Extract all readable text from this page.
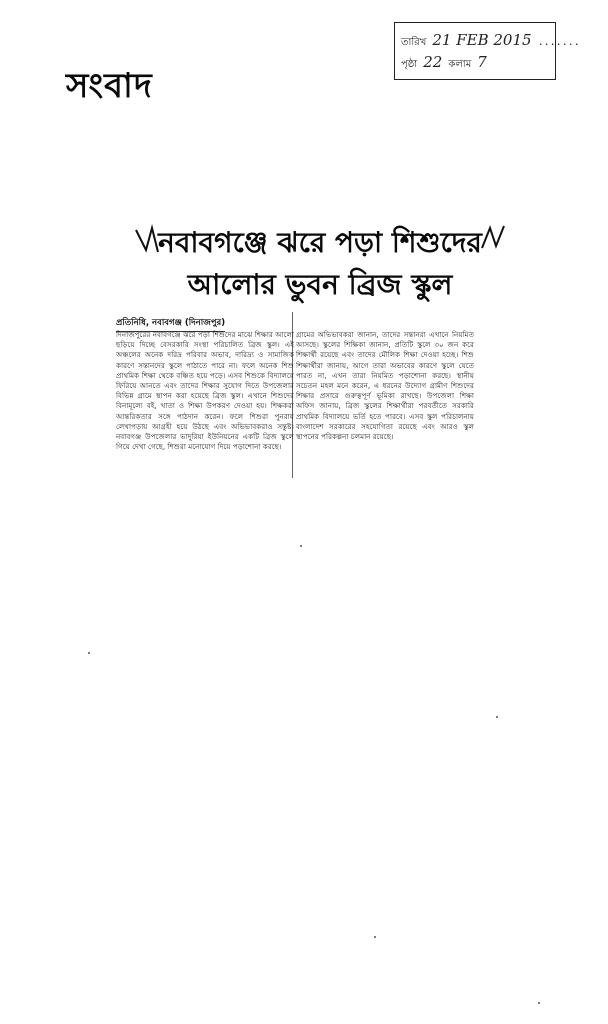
সংবাদ
তারিখ 21 FEB 2015 .......
পৃষ্ঠা 22 কলাম 7
নবাবগঞ্জে ঝরে পড়া শিশুদের
আলোর ভুবন ব্রিজ স্কুল
প্রতিনিধি, নবাবগঞ্জ (দিনাজপুর)

দিনাজপুরের নবাবগঞ্জে ঝরে পড়া শিশুদের মাঝে শিক্ষার আলো ছড়িয়ে দিচ্ছে বেসরকারি সংস্থা পরিচালিত ব্রিজ স্কুল। এই অঞ্চলের অনেক দরিদ্র পরিবার অভাব, দারিদ্র্য ও সামাজিক কারণে সন্তানদের স্কুলে পাঠাতে পারে না। ফলে অনেক শিশু প্রাথমিক শিক্ষা থেকে বঞ্চিত হয়ে পড়ে। এসব শিশুকে বিদ্যালয়ে ফিরিয়ে আনতে এবং তাদের শিক্ষার সুযোগ দিতে উপজেলার বিভিন্ন গ্রামে স্থাপন করা হয়েছে ব্রিজ স্কুল। এখানে শিশুদের বিনামূল্যে বই, খাতা ও শিক্ষা উপকরণ দেওয়া হয়। শিক্ষকরা আন্তরিকতার সঙ্গে পাঠদান করেন। ফলে শিশুরা পুনরায় লেখাপড়ায় আগ্রহী হয়ে উঠছে এবং অভিভাবকরাও সন্তুষ্ট। নবাবগঞ্জ উপজেলার ভাদুরিয়া ইউনিয়নের একটি ব্রিজ স্কুলে গিয়ে দেখা গেছে, শিশুরা মনোযোগ দিয়ে পড়াশোনা করছে।

গ্রামের অভিভাবকরা জানান, তাদের সন্তানরা এখানে নিয়মিত আসছে। স্কুলের শিক্ষিকা জানান, প্রতিটি স্কুলে ৩০ জন করে শিক্ষার্থী রয়েছে এবং তাদের মৌলিক শিক্ষা দেওয়া হচ্ছে। শিশু শিক্ষার্থীরা জানায়, আগে তারা অভাবের কারণে স্কুলে যেতে পারত না, এখন তারা নিয়মিত পড়াশোনা করছে। স্থানীয় সচেতন মহল মনে করেন, এ ধরনের উদ্যোগ গ্রামীণ শিশুদের শিক্ষার প্রসারে গুরুত্বপূর্ণ ভূমিকা রাখছে। উপজেলা শিক্ষা অফিস জানায়, ব্রিজ স্কুলের শিক্ষার্থীরা পরবর্তীতে সরকারি প্রাথমিক বিদ্যালয়ে ভর্তি হতে পারবে। এসব স্কুল পরিচালনায় বাংলাদেশ সরকারের সহযোগিতা রয়েছে এবং আরও স্কুল স্থাপনের পরিকল্পনা চলমান রয়েছে।
